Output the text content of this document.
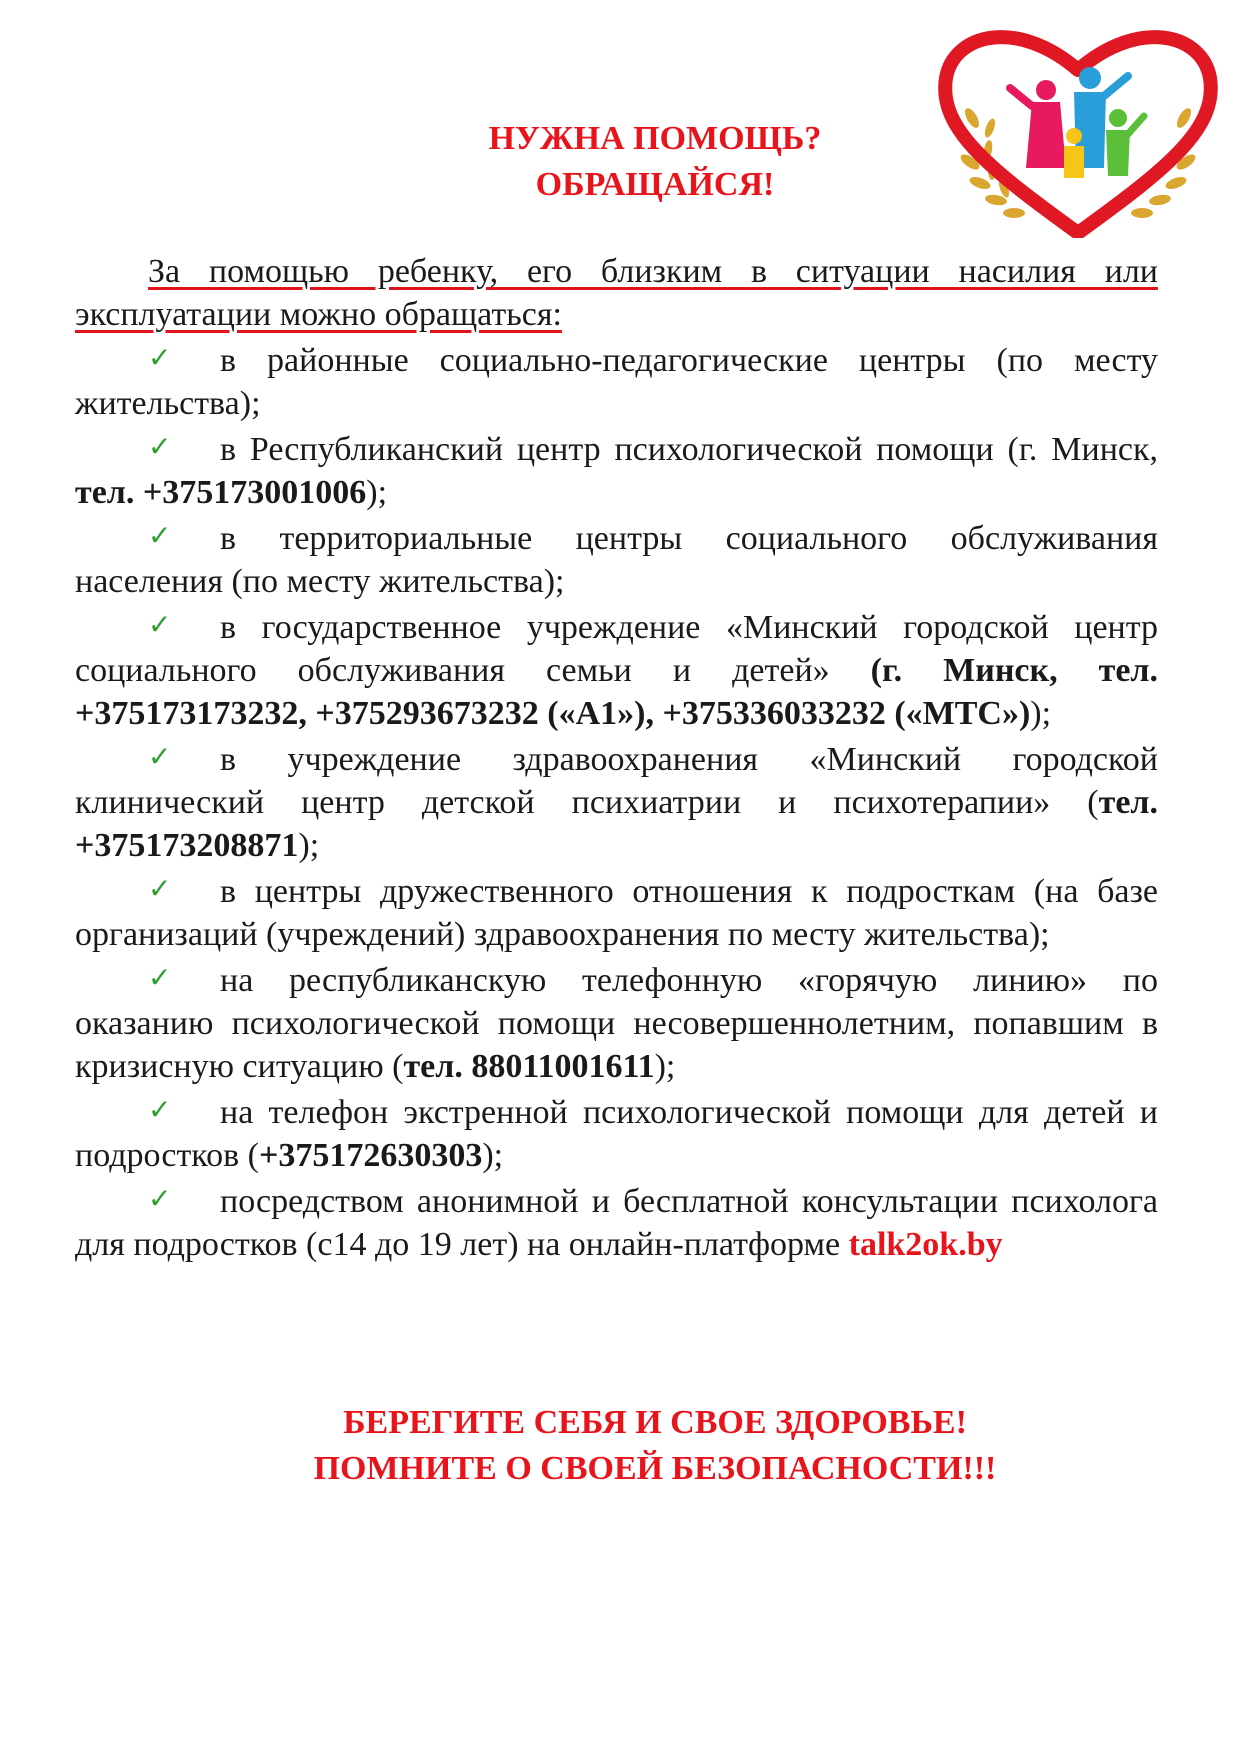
НУЖНА ПОМОЩЬ?
ОБРАЩАЙСЯ!

За помощью ребенку, его близким в ситуации насилия или эксплуатации можно обращаться:

✓ в районные социально-педагогические центры (по месту жительства);

✓ в Республиканский центр психологической помощи (г. Минск, тел. +375173001006);

✓ в территориальные центры социального обслуживания населения (по месту жительства);

✓ в государственное учреждение «Минский городской центр социального обслуживания семьи и детей» (г. Минск, тел. +375173173232, +375293673232 («А1»), +375336033232 («МТС»));

✓ в учреждение здравоохранения «Минский городской клинический центр детской психиатрии и психотерапии» (тел. +375173208871);

✓ в центры дружественного отношения к подросткам (на базе организаций (учреждений) здравоохранения по месту жительства);

✓ на республиканскую телефонную «горячую линию» по оказанию психологической помощи несовершеннолетним, попавшим в кризисную ситуацию (тел. 88011001611);

✓ на телефон экстренной психологической помощи для детей и подростков (+375172630303);

✓ посредством анонимной и бесплатной консультации психолога для подростков (с14 до 19 лет) на онлайн-платформе talk2ok.by

БЕРЕГИТЕ СЕБЯ И СВОЕ ЗДОРОВЬЕ!
ПОМНИТЕ О СВОЕЙ БЕЗОПАСНОСТИ!!!
